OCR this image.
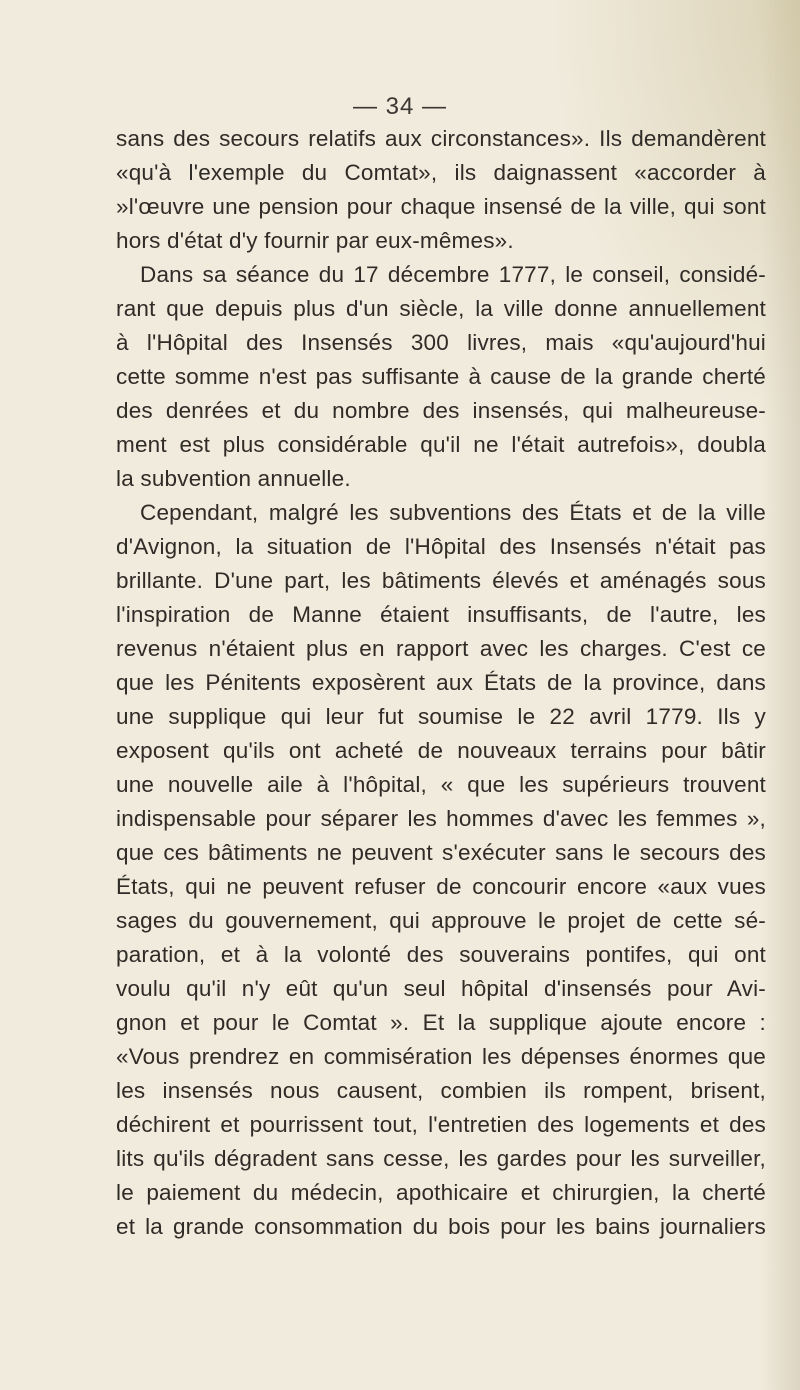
— 34 —
sans des secours relatifs aux circonstances». Ils demandèrent
«qu'à l'exemple du Comtat», ils daignassent «accorder à
»l'œuvre une pension pour chaque insensé de la ville, qui sont
hors d'état d'y fournir par eux-mêmes».
Dans sa séance du 17 décembre 1777, le conseil, considé-
rant que depuis plus d'un siècle, la ville donne annuellement
à l'Hôpital des Insensés 300 livres, mais «qu'aujourd'hui
cette somme n'est pas suffisante à cause de la grande cherté
des denrées et du nombre des insensés, qui malheureuse-
ment est plus considérable qu'il ne l'était autrefois», doubla
la subvention annuelle.
Cependant, malgré les subventions des États et de la ville
d'Avignon, la situation de l'Hôpital des Insensés n'était pas
brillante. D'une part, les bâtiments élevés et aménagés sous
l'inspiration de Manne étaient insuffisants, de l'autre, les
revenus n'étaient plus en rapport avec les charges. C'est ce
que les Pénitents exposèrent aux États de la province, dans
une supplique qui leur fut soumise le 22 avril 1779. Ils y
exposent qu'ils ont acheté de nouveaux terrains pour bâtir
une nouvelle aile à l'hôpital, « que les supérieurs trouvent
indispensable pour séparer les hommes d'avec les femmes »,
que ces bâtiments ne peuvent s'exécuter sans le secours des
États, qui ne peuvent refuser de concourir encore «aux vues
sages du gouvernement, qui approuve le projet de cette sé-
paration, et à la volonté des souverains pontifes, qui ont
voulu qu'il n'y eût qu'un seul hôpital d'insensés pour Avi-
gnon et pour le Comtat ». Et la supplique ajoute encore :
«Vous prendrez en commisération les dépenses énormes que
les insensés nous causent, combien ils rompent, brisent,
déchirent et pourrissent tout, l'entretien des logements et des
lits qu'ils dégradent sans cesse, les gardes pour les surveiller,
le paiement du médecin, apothicaire et chirurgien, la cherté
et la grande consommation du bois pour les bains journaliers
